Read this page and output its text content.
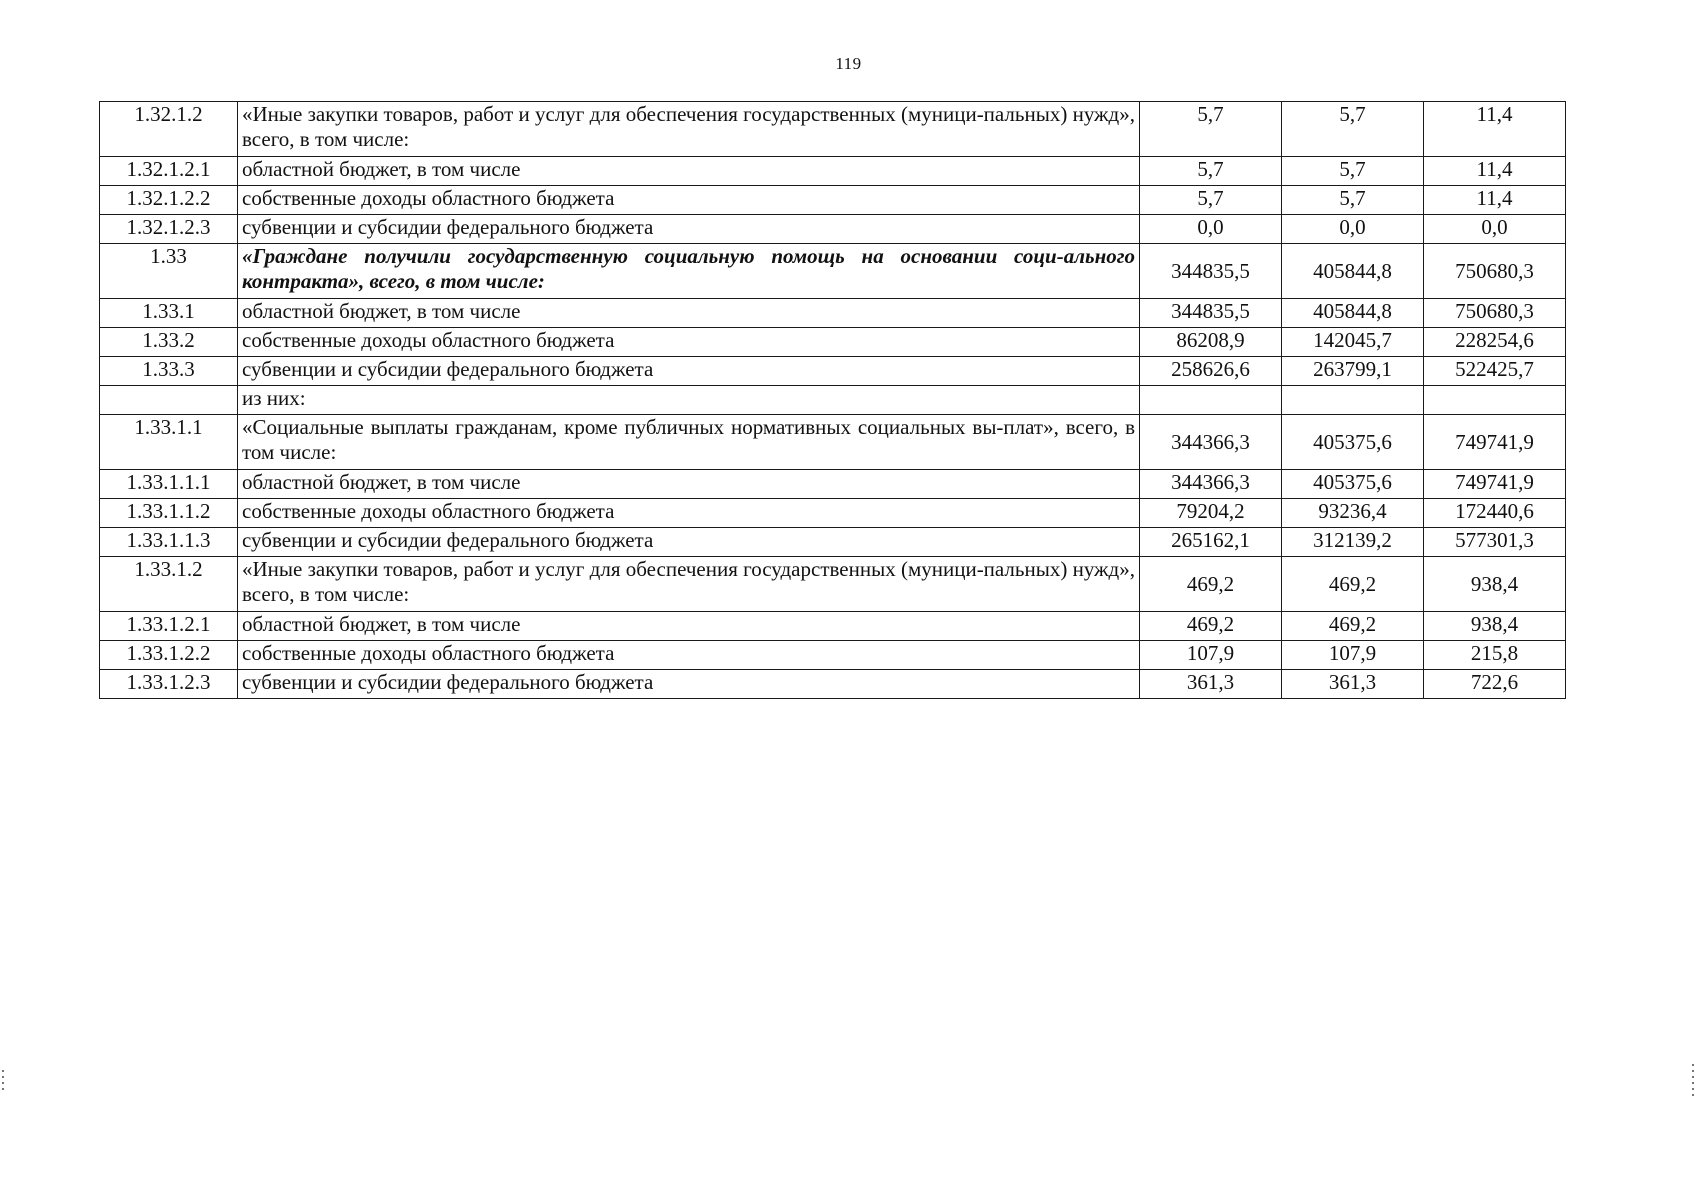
119
1.32.1.2	«Иные закупки товаров, работ и услуг для обеспечения государственных (муници-пальных) нужд», всего, в том числе:	5,7	5,7	11,4
1.32.1.2.1	областной бюджет, в том числе	5,7	5,7	11,4
1.32.1.2.2	собственные доходы областного бюджета	5,7	5,7	11,4
1.32.1.2.3	субвенции и субсидии федерального бюджета	0,0	0,0	0,0
1.33	«Граждане получили государственную социальную помощь на основании соци-ального контракта», всего, в том числе:	344835,5	405844,8	750680,3
1.33.1	областной бюджет, в том числе	344835,5	405844,8	750680,3
1.33.2	собственные доходы областного бюджета	86208,9	142045,7	228254,6
1.33.3	субвенции и субсидии федерального бюджета	258626,6	263799,1	522425,7
	из них:			
1.33.1.1	«Социальные выплаты гражданам, кроме публичных нормативных социальных вы-плат», всего, в том числе:	344366,3	405375,6	749741,9
1.33.1.1.1	областной бюджет, в том числе	344366,3	405375,6	749741,9
1.33.1.1.2	собственные доходы областного бюджета	79204,2	93236,4	172440,6
1.33.1.1.3	субвенции и субсидии федерального бюджета	265162,1	312139,2	577301,3
1.33.1.2	«Иные закупки товаров, работ и услуг для обеспечения государственных (муници-пальных) нужд», всего, в том числе:	469,2	469,2	938,4
1.33.1.2.1	областной бюджет, в том числе	469,2	469,2	938,4
1.33.1.2.2	собственные доходы областного бюджета	107,9	107,9	215,8
1.33.1.2.3	субвенции и субсидии федерального бюджета	361,3	361,3	722,6
